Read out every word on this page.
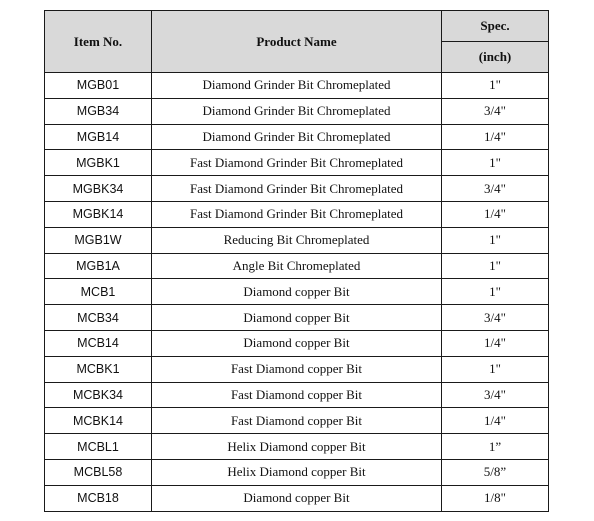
Item No.	Product Name	Spec.
		(inch)
MGB01	Diamond Grinder Bit Chromeplated	1"
MGB34	Diamond Grinder Bit Chromeplated	3/4"
MGB14	Diamond Grinder Bit Chromeplated	1/4"
MGBK1	Fast Diamond Grinder Bit Chromeplated	1"
MGBK34	Fast Diamond Grinder Bit Chromeplated	3/4"
MGBK14	Fast Diamond Grinder Bit Chromeplated	1/4"
MGB1W	Reducing Bit Chromeplated	1"
MGB1A	Angle Bit Chromeplated	1"
MCB1	Diamond copper Bit	1"
MCB34	Diamond copper Bit	3/4"
MCB14	Diamond copper Bit	1/4"
MCBK1	Fast Diamond copper Bit	1"
MCBK34	Fast Diamond copper Bit	3/4"
MCBK14	Fast Diamond copper Bit	1/4"
MCBL1	Helix Diamond copper Bit	1”
MCBL58	Helix Diamond copper Bit	5/8”
MCB18	Diamond copper Bit	1/8"
